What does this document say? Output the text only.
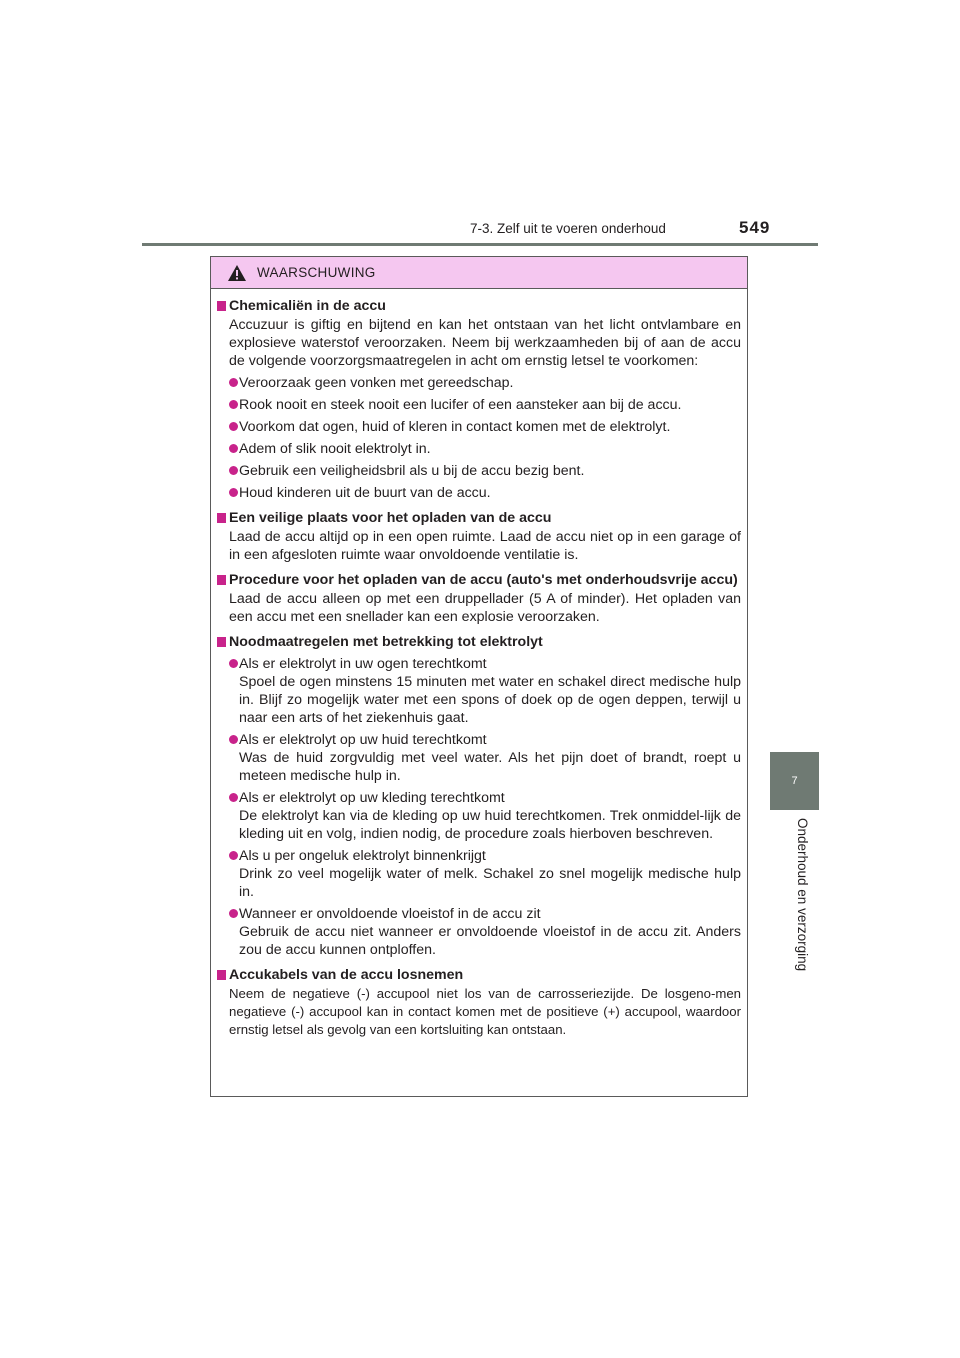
7-3. Zelf uit te voeren onderhoud	549
7
Onderhoud en verzorging
WAARSCHUWING
Chemicaliën in de accu
Accuzuur is giftig en bijtend en kan het ontstaan van het licht ontvlambare en explosieve waterstof veroorzaken. Neem bij werkzaamheden bij of aan de accu de volgende voorzorgsmaatregelen in acht om ernstig letsel te voorkomen:
Veroorzaak geen vonken met gereedschap.
Rook nooit en steek nooit een lucifer of een aansteker aan bij de accu.
Voorkom dat ogen, huid of kleren in contact komen met de elektrolyt.
Adem of slik nooit elektrolyt in.
Gebruik een veiligheidsbril als u bij de accu bezig bent.
Houd kinderen uit de buurt van de accu.
Een veilige plaats voor het opladen van de accu
Laad de accu altijd op in een open ruimte. Laad de accu niet op in een garage of in een afgesloten ruimte waar onvoldoende ventilatie is.
Procedure voor het opladen van de accu (auto's met onderhoudsvrije accu)
Laad de accu alleen op met een druppellader (5 A of minder). Het opladen van een accu met een snellader kan een explosie veroorzaken.
Noodmaatregelen met betrekking tot elektrolyt
Als er elektrolyt in uw ogen terechtkomt
Spoel de ogen minstens 15 minuten met water en schakel direct medische hulp in. Blijf zo mogelijk water met een spons of doek op de ogen deppen, terwijl u naar een arts of het ziekenhuis gaat.
Als er elektrolyt op uw huid terechtkomt
Was de huid zorgvuldig met veel water. Als het pijn doet of brandt, roept u meteen medische hulp in.
Als er elektrolyt op uw kleding terechtkomt
De elektrolyt kan via de kleding op uw huid terechtkomen. Trek onmiddel-lijk de kleding uit en volg, indien nodig, de procedure zoals hierboven beschreven.
Als u per ongeluk elektrolyt binnenkrijgt
Drink zo veel mogelijk water of melk. Schakel zo snel mogelijk medische hulp in.
Wanneer er onvoldoende vloeistof in de accu zit
Gebruik de accu niet wanneer er onvoldoende vloeistof in de accu zit. Anders zou de accu kunnen ontploffen.
Accukabels van de accu losnemen
Neem de negatieve (-) accupool niet los van de carrosseriezijde. De losgeno-men negatieve (-) accupool kan in contact komen met de positieve (+) accupool, waardoor ernstig letsel als gevolg van een kortsluiting kan ontstaan.
